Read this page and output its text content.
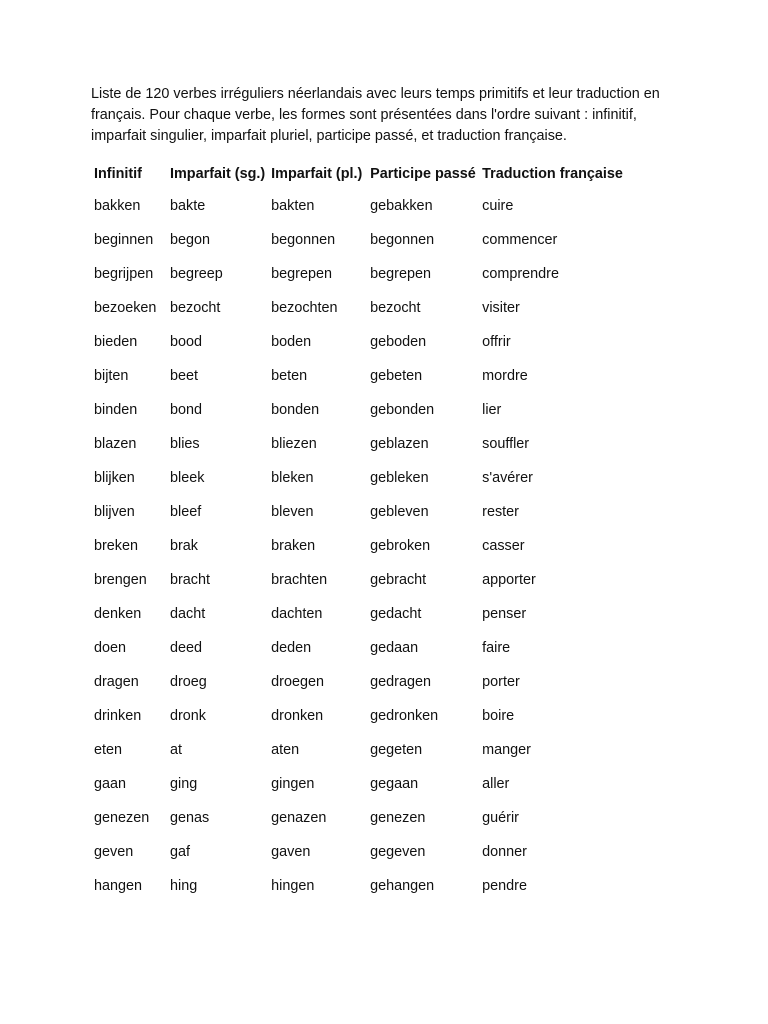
Liste de 120 verbes irréguliers néerlandais avec leurs temps primitifs et leur traduction en français. Pour chaque verbe, les formes sont présentées dans l'ordre suivant : infinitif, imparfait singulier, imparfait pluriel, participe passé, et traduction française.

Infinitif	Imparfait (sg.)	Imparfait (pl.)	Participe passé	Traduction française
bakken	bakte	bakten	gebakken	cuire
beginnen	begon	begonnen	begonnen	commencer
begrijpen	begreep	begrepen	begrepen	comprendre
bezoeken	bezocht	bezochten	bezocht	visiter
bieden	bood	boden	geboden	offrir
bijten	beet	beten	gebeten	mordre
binden	bond	bonden	gebonden	lier
blazen	blies	bliezen	geblazen	souffler
blijken	bleek	bleken	gebleken	s'avérer
blijven	bleef	bleven	gebleven	rester
breken	brak	braken	gebroken	casser
brengen	bracht	brachten	gebracht	apporter
denken	dacht	dachten	gedacht	penser
doen	deed	deden	gedaan	faire
dragen	droeg	droegen	gedragen	porter
drinken	dronk	dronken	gedronken	boire
eten	at	aten	gegeten	manger
gaan	ging	gingen	gegaan	aller
genezen	genas	genazen	genezen	guérir
geven	gaf	gaven	gegeven	donner
hangen	hing	hingen	gehangen	pendre
